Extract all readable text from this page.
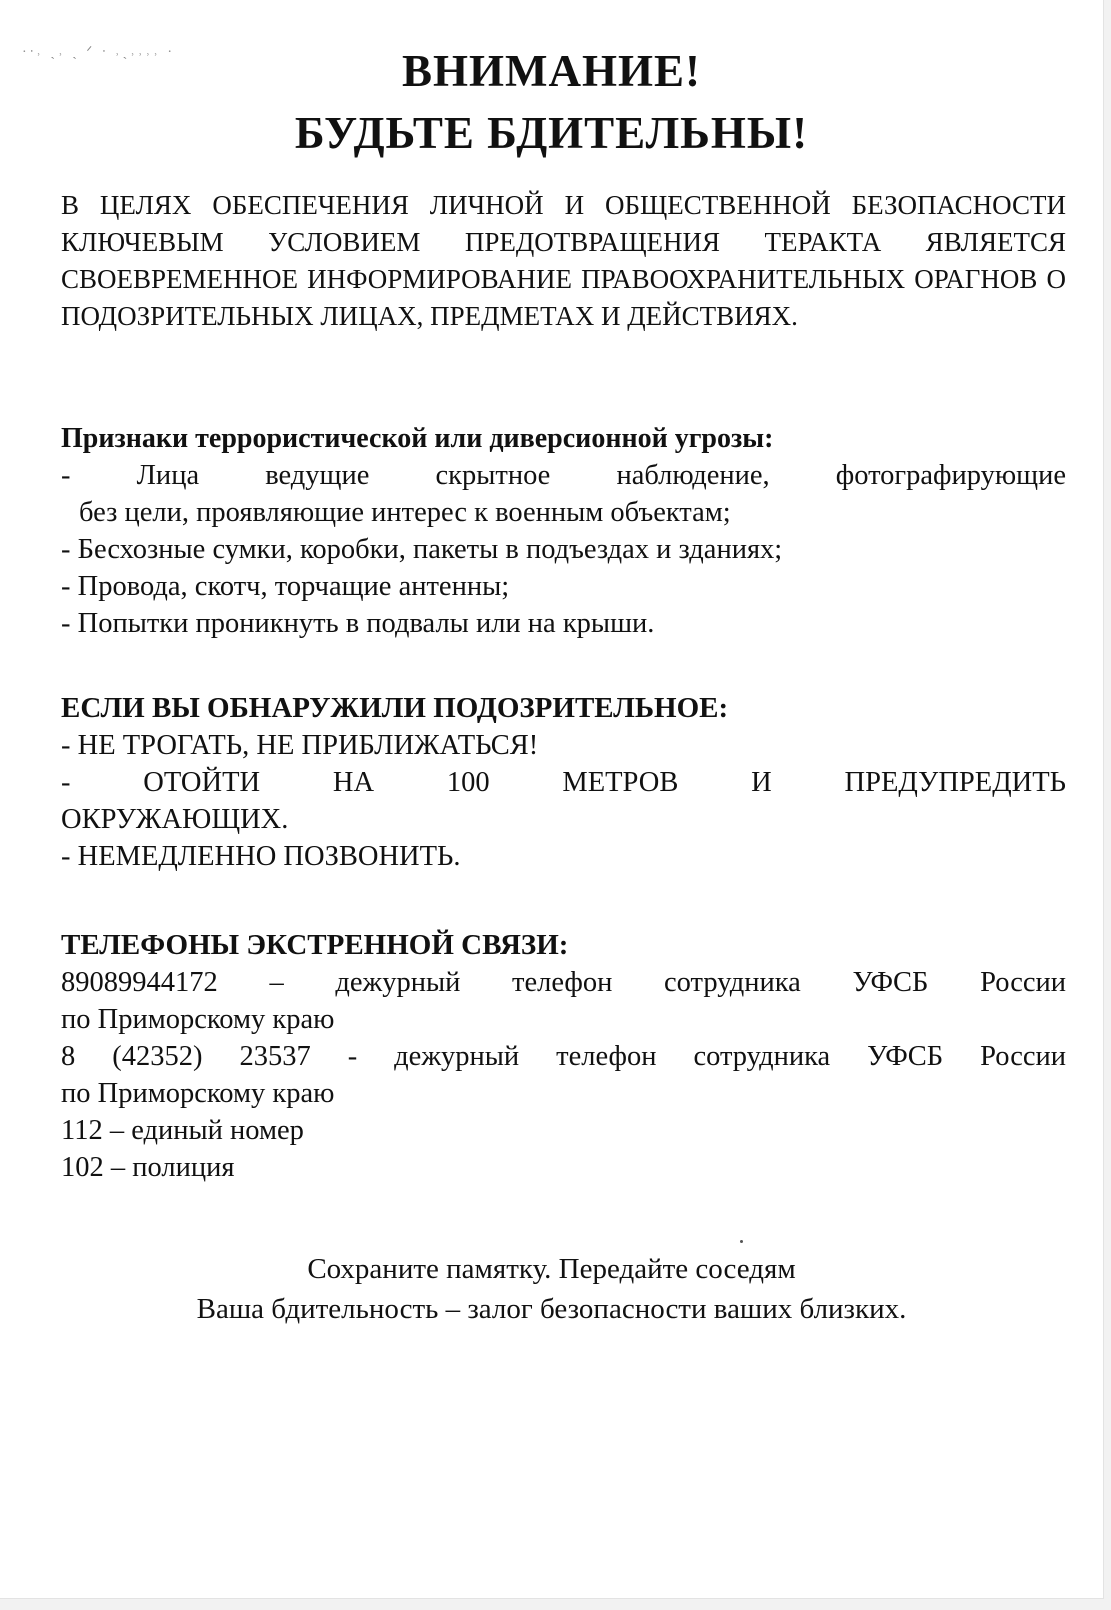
·ᐧ˒ ˎ˒ ˎ ᐟ ᐧ ˒ˎ˒˒˒˒ ·	ВНИМАНИЕ!
БУДЬТЕ БДИТЕЛЬНЫ!
В ЦЕЛЯХ ОБЕСПЕЧЕНИЯ ЛИЧНОЙ И ОБЩЕСТВЕННОЙ БЕЗОПАСНОСТИ КЛЮЧЕВЫМ УСЛОВИЕМ ПРЕДОТВРАЩЕНИЯ ТЕРАКТА ЯВЛЯЕТСЯ СВОЕВРЕМЕННОЕ ИНФОРМИРОВАНИЕ ПРАВООХРАНИТЕЛЬНЫХ ОРАГНОВ О ПОДОЗРИТЕЛЬНЫХ ЛИЦАХ, ПРЕДМЕТАХ И ДЕЙСТВИЯХ.

Признаки террористической или диверсионной угрозы:

- Лица ведущие скрытное наблюдение, фотографирующие

без цели, проявляющие интерес к военным объектам;

- Бесхозные сумки, коробки, пакеты в подъездах и зданиях;

- Провода, скотч, торчащие антенны;

- Попытки проникнуть в подвалы или на крыши.

ЕСЛИ ВЫ ОБНАРУЖИЛИ ПОДОЗРИТЕЛЬНОЕ:

- НЕ ТРОГАТЬ, НЕ ПРИБЛИЖАТЬСЯ!

- ОТОЙТИ НА 100 МЕТРОВ И ПРЕДУПРЕДИТЬ

ОКРУЖАЮЩИХ.

- НЕМЕДЛЕННО ПОЗВОНИТЬ.

ТЕЛЕФОНЫ ЭКСТРЕННОЙ СВЯЗИ:

89089944172 – дежурный телефон сотрудника УФСБ России

по Приморскому краю

8 (42352) 23537 - дежурный телефон сотрудника УФСБ России

по Приморскому краю

112 – единый номер

102 – полиция

Сохраните памятку. Передайте соседям

Ваша бдительность – залог безопасности ваших близких.
